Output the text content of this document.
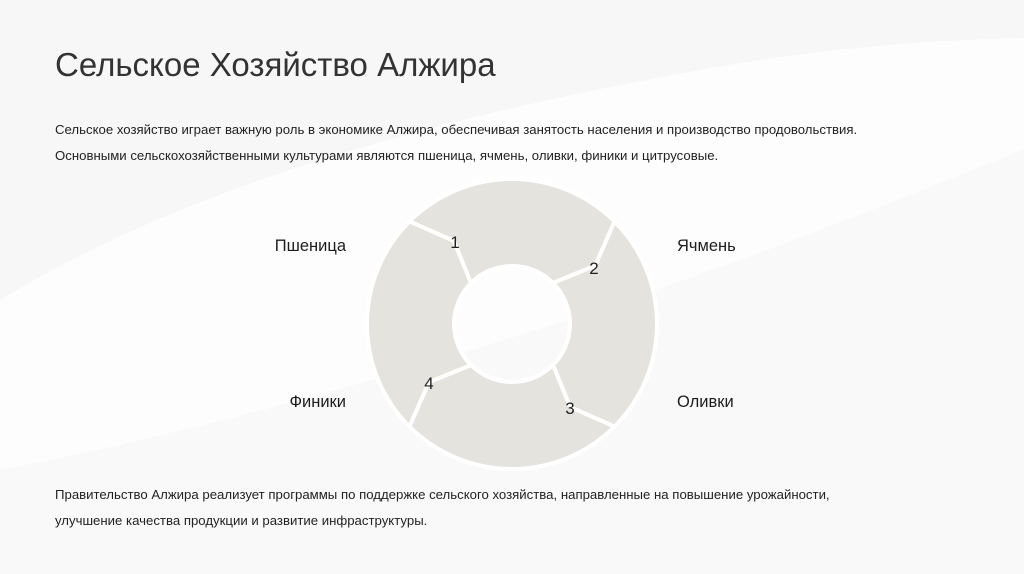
Сельское Хозяйство Алжира
Сельское хозяйство играет важную роль в экономике Алжира, обеспечивая занятость населения и производство продовольствия.
Основными сельскохозяйственными культурами являются пшеница, ячмень, оливки, финики и цитрусовые.
1
2
3
4
Пшеница	Ячмень
Оливки
Финики
Правительство Алжира реализует программы по поддержке сельского хозяйства, направленные на повышение урожайности,
улучшение качества продукции и развитие инфраструктуры.
